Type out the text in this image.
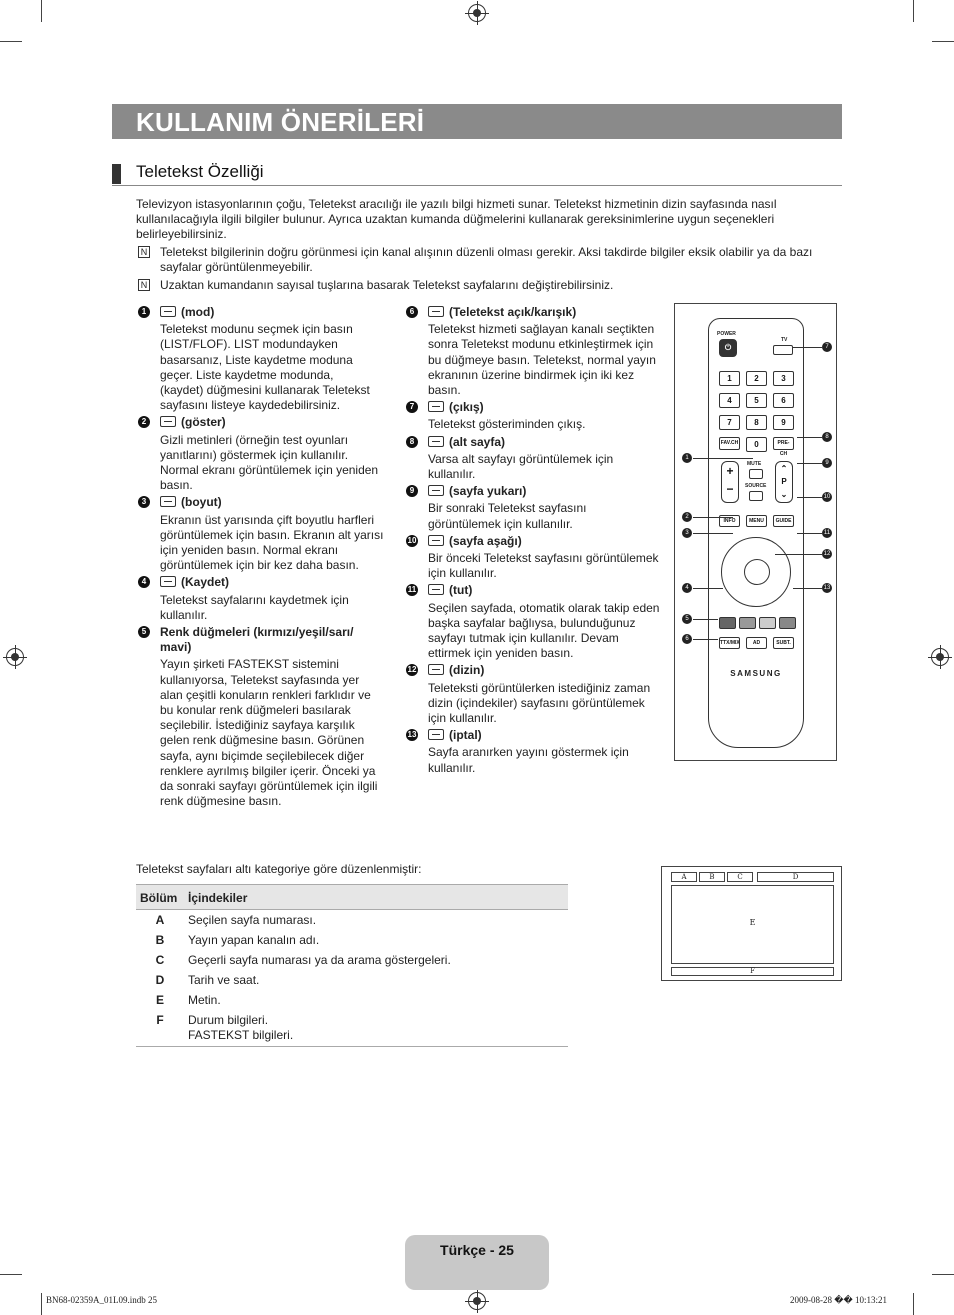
KULLANIM ÖNERİLERİ
Teletekst Özelliği

Televizyon istasyonlarının çoğu, Teletekst aracılığı ile yazılı bilgi hizmeti sunar. Teletekst hizmetinin dizin sayfasında nasıl kullanılacağıyla ilgili bilgiler bulunur. Ayrıca uzaktan kumanda düğmelerini kullanarak gereksinimlerine uygun seçenekleri belirleyebilirsiniz.

N Teletekst bilgilerinin doğru görünmesi için kanal alışının düzenli olması gerekir. Aksi takdirde bilgiler eksik olabilir ya da bazı sayfalar görüntülenmeyebilir.
N Uzaktan kumandanın sayısal tuşlarına basarak Teletekst sayfalarını değiştirebilirsiniz.
1	(mod)
Teletekst modunu seçmek için basın (LIST/FLOF). LIST modundayken basarsanız, Liste kaydetme moduna geçer. Liste kaydetme modunda, (kaydet) düğmesini kullanarak Teletekst sayfasını listeye kaydedebilirsiniz.
2	(göster)
Gizli metinleri (örneğin test oyunları yanıtlarını) göstermek için kullanılır. Normal ekranı görüntülemek için yeniden basın.
3	(boyut)
Ekranın üst yarısında çift boyutlu harfleri görüntülemek için basın. Ekranın alt yarısı için yeniden basın. Normal ekranı görüntülemek için bir kez daha basın.
4	(Kaydet)
Teletekst sayfalarını kaydetmek için kullanılır.
5	Renk düğmeleri (kırmızı/yeşil/sarı/ mavi)
Yayın şirketi FASTEKST sistemini kullanıyorsa, Teletekst sayfasında yer alan çeşitli konuların renkleri farklıdır ve bu konular renk düğmeleri basılarak seçilebilir. İstediğiniz sayfaya karşılık gelen renk düğmesine basın. Görünen sayfa, aynı biçimde seçilebilecek diğer renklere ayrılmış bilgiler içerir. Önceki ya da sonraki sayfayı görüntülemek için ilgili renk düğmesine basın.
6	(Teletekst açık/karışık)
Teletekst hizmeti sağlayan kanalı seçtikten sonra Teletekst modunu etkinleştirmek için bu düğmeye basın. Teletekst, normal yayın ekranının üzerine bindirmek için iki kez basın.
7	(çıkış)
Teletekst gösteriminden çıkış.
8	(alt sayfa)
Varsa alt sayfayı görüntülemek için kullanılır.
9	(sayfa yukarı)
Bir sonraki Teletekst sayfasını görüntülemek için kullanılır.
10	(sayfa aşağı)
Bir önceki Teletekst sayfasını görüntülemek için kullanılır.
11	(tut)
Seçilen sayfada, otomatik olarak takip eden başka sayfalar bağlıysa, bulunduğunuz sayfayı tutmak için kullanılır. Devam ettirmek için yeniden basın.
12	(dizin)
Teleteksti görüntülerken istediğiniz zaman dizin (içindekiler) sayfasını görüntülemek için kullanılır.
13	(iptal)
Sayfa aranırken yayını göstermek için kullanılır.
⏻
POWER
TV
1	2	3
4	5	6
7	8	9
FAV.CH	0	PRE-CH
+
−
MUTE
SOURCE
⌃
P
⌄
INFO	MENU	GUIDE
TTX/MIX	AD	SUBT.
SAMSUNG
1
2
3
4
5
6
7
8
9
10
11
12
13
Teletekst sayfaları altı kategoriye göre düzenlenmiştir:
Bölüm	İçindekiler
A	Seçilen sayfa numarası.
B	Yayın yapan kanalın adı.
C	Geçerli sayfa numarası ya da arama göstergeleri.
D	Tarih ve saat.
E	Metin.
F	Durum bilgileri.
FASTEKST bilgileri.
A	B	C	D
E
F
Türkçe - 25
BN68-02359A_01L09.indb 25	2009-08-28 �� 10:13:21
